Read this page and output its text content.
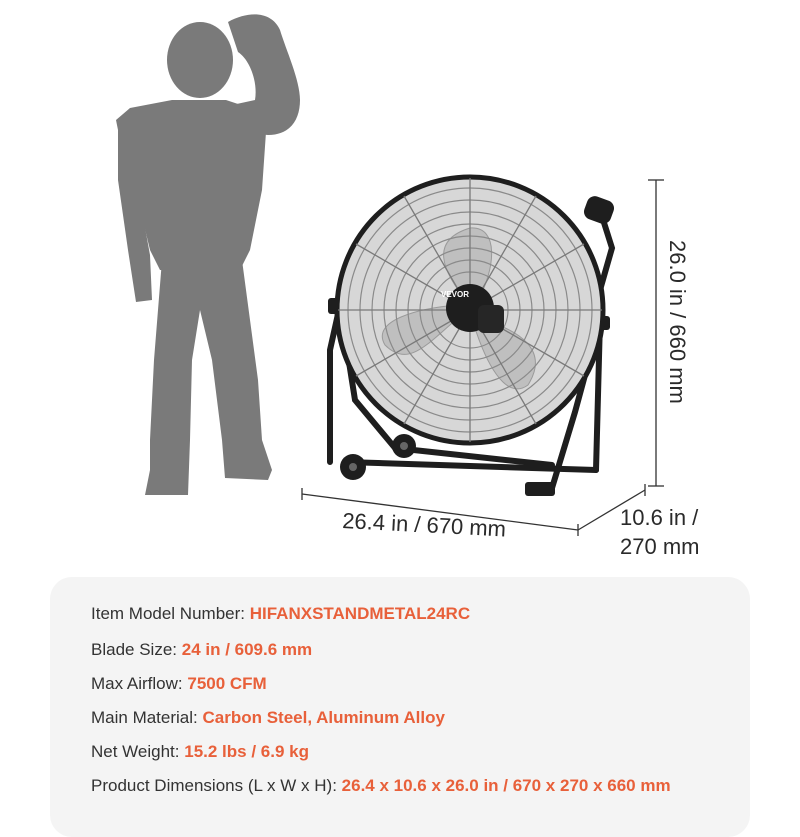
26.4 in / 670 mm	10.6 in /
270 mm
26.0 in / 660 mm
VEVOR
Item Model Number: HIFANXSTANDMETAL24RC
Blade Size: 24 in / 609.6 mm
Max Airflow: 7500 CFM
Main Material: Carbon Steel, Aluminum Alloy
Net Weight: 15.2 lbs / 6.9 kg
Product Dimensions (L x W x H): 26.4 x 10.6 x 26.0 in / 670 x 270 x 660 mm
